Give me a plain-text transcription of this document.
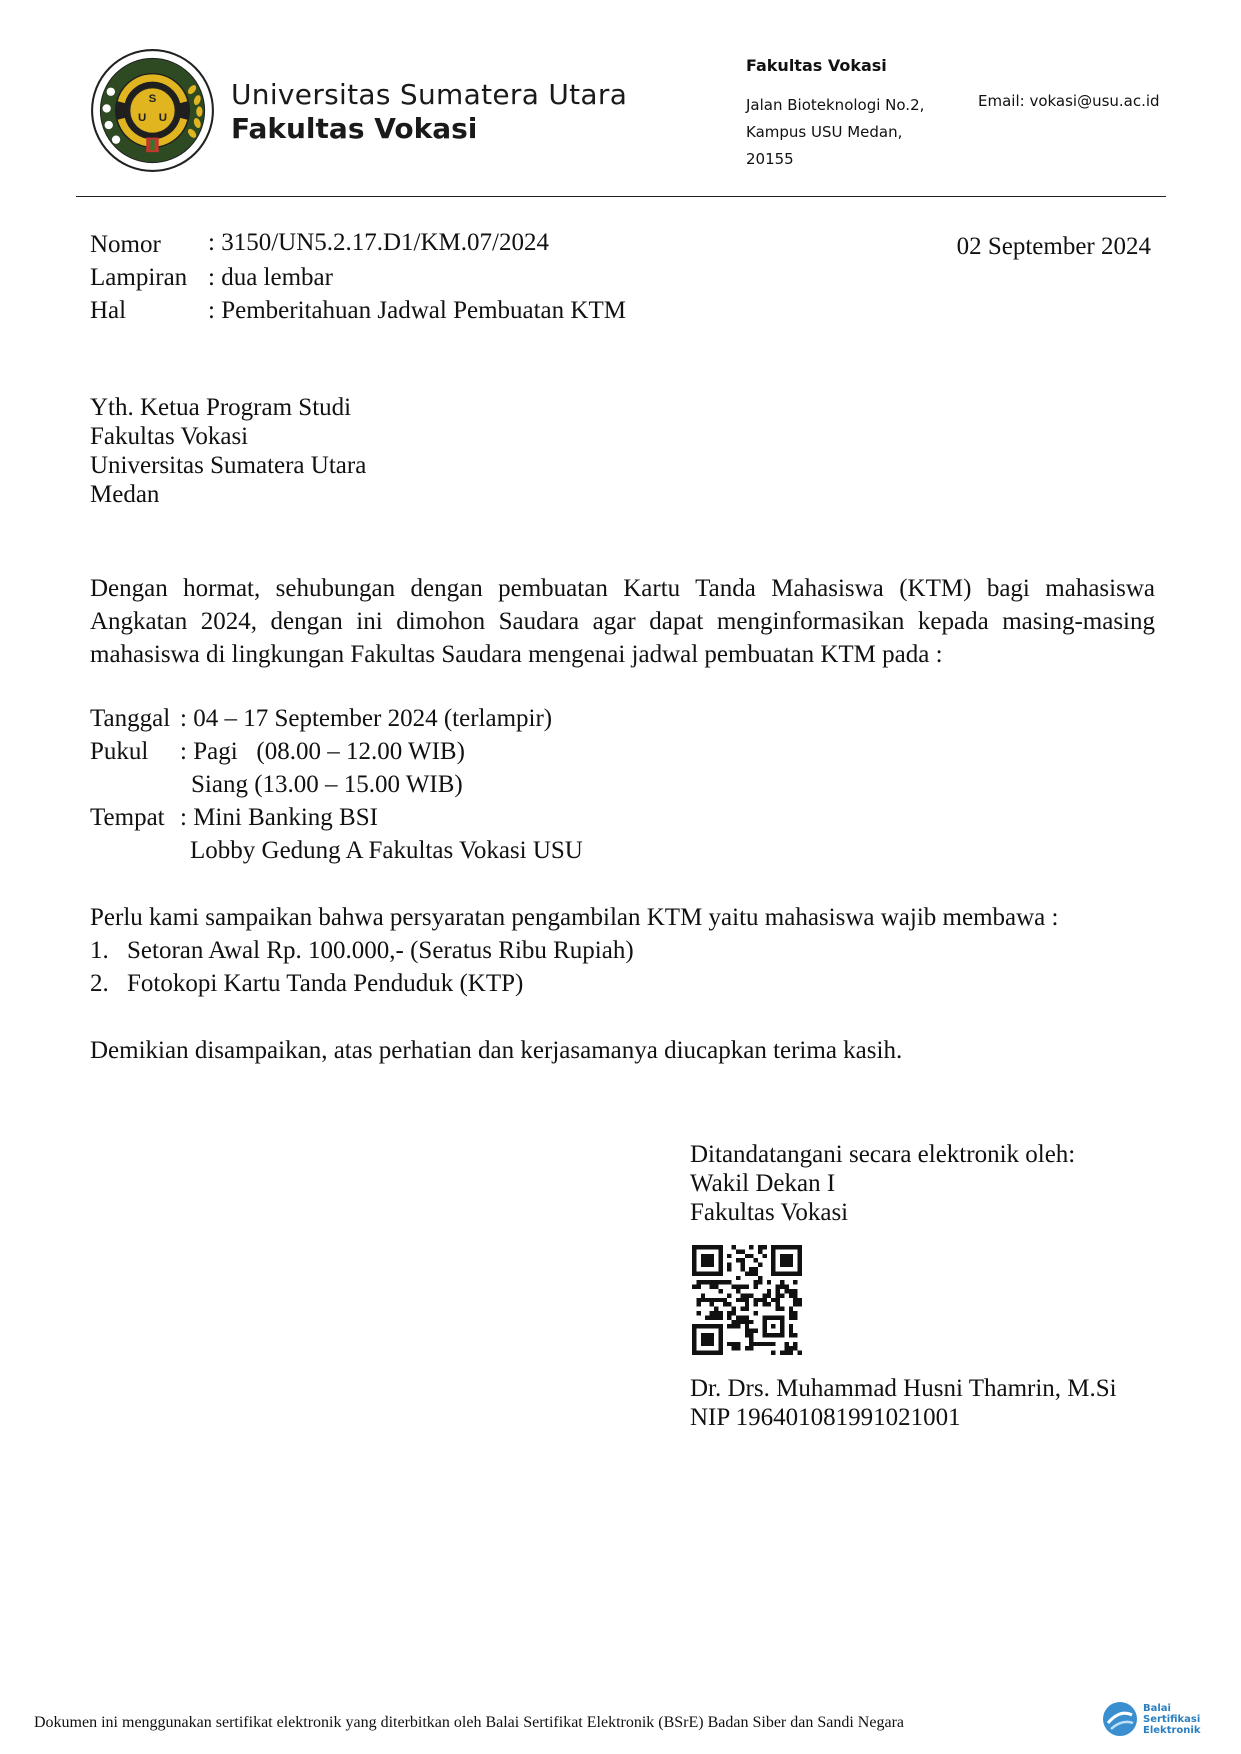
S
U U
Universitas Sumatera Utara
Fakultas Vokasi
Fakultas Vokasi
Jalan Bioteknologi No.2,
Kampus USU Medan,
20155
Email: vokasi@usu.ac.id
Nomor : 3150/UN5.2.17.D1/KM.07/2024
Lampiran : dua lembar
Hal	: Pemberitahuan Jadwal Pembuatan KTM
02 September 2024
Yth. Ketua Program Studi
Fakultas Vokasi
Universitas Sumatera Utara
Medan
Dengan hormat, sehubungan dengan pembuatan Kartu Tanda Mahasiswa (KTM) bagi mahasiswa Angkatan 2024, dengan ini dimohon Saudara agar dapat menginformasikan kepada masing-masing mahasiswa di lingkungan Fakultas Saudara mengenai jadwal pembuatan KTM pada :
Tanggal : 04 – 17 September 2024 (terlampir)
Pukul : Pagi   (08.00 – 12.00 WIB)
Siang (13.00 – 15.00 WIB)
Tempat : Mini Banking BSI
Lobby Gedung A Fakultas Vokasi USU
Perlu kami sampaikan bahwa persyaratan pengambilan KTM yaitu mahasiswa wajib membawa :
1. Setoran Awal Rp. 100.000,- (Seratus Ribu Rupiah)
2. Fotokopi Kartu Tanda Penduduk (KTP)
Demikian disampaikan, atas perhatian dan kerjasamanya diucapkan terima kasih.
Ditandatangani secara elektronik oleh:
Wakil Dekan I
Fakultas Vokasi
Dr. Drs. Muhammad Husni Thamrin, M.Si
NIP 196401081991021001
Dokumen ini menggunakan sertifikat elektronik yang diterbitkan oleh Balai Sertifikat Elektronik (BSrE) Badan Siber dan Sandi Negara
Balai
Sertifikasi
Elektronik
